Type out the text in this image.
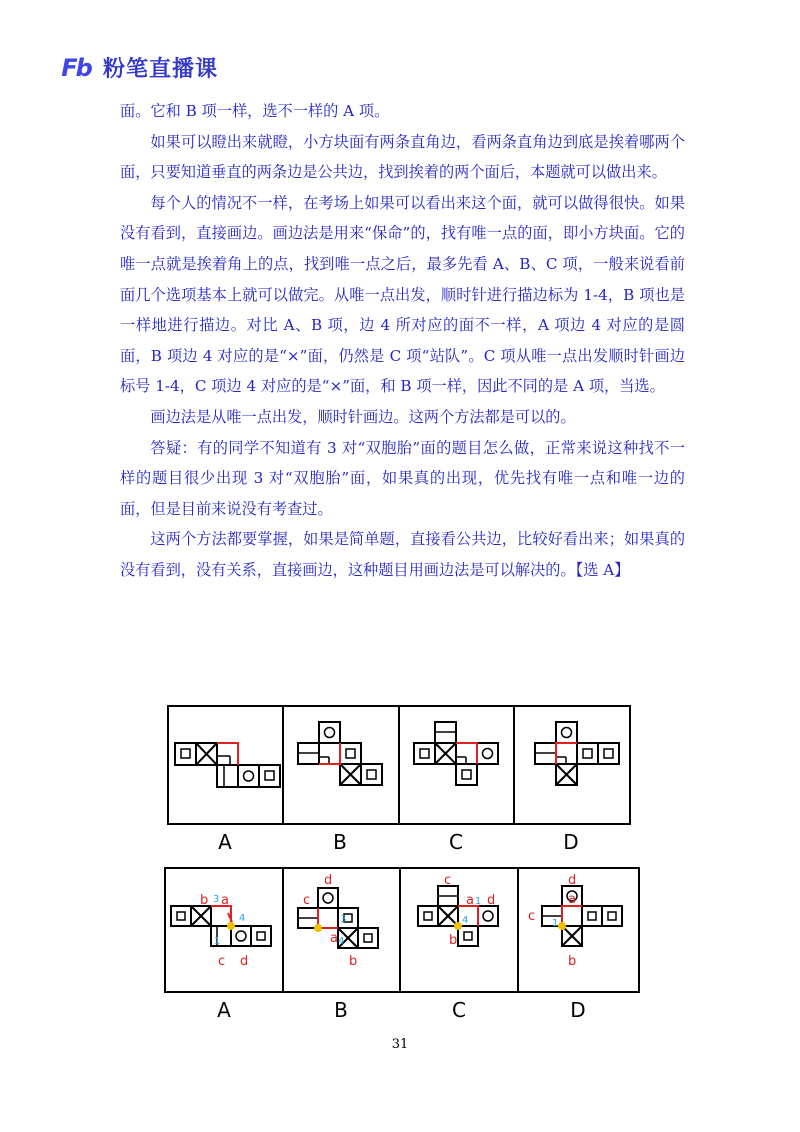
Fb 粉笔直播课

面。它和 B 项一样，选不一样的 A 项。

如果可以瞪出来就瞪，小方块面有两条直角边，看两条直角边到底是挨着哪两个面，只要知道垂直的两条边是公共边，找到挨着的两个面后，本题就可以做出来。

每个人的情况不一样，在考场上如果可以看出来这个面，就可以做得很快。如果没有看到，直接画边。画边法是用来“保命”的，找有唯一点的面，即小方块面。它的唯一点就是挨着角上的点，找到唯一点之后，最多先看 A、B、C 项，一般来说看前面几个选项基本上就可以做完。从唯一点出发，顺时针进行描边标为 1-4，B 项也是一样地进行描边。对比 A、B 项，边 4 所对应的面不一样，A 项边 4 对应的是圆面，B 项边 4 对应的是“×”面，仍然是 C 项“站队”。C 项从唯一点出发顺时针画边标号 1-4，C 项边 4 对应的是“×”面，和 B 项一样，因此不同的是 A 项，当选。

画边法是从唯一点出发，顺时针画边。这两个方法都是可以的。

答疑：有的同学不知道有 3 对“双胞胎”面的题目怎么做，正常来说这种找不一样的题目很少出现 3 对“双胞胎”面，如果真的出现，优先找有唯一点和唯一边的面，但是目前来说没有考查过。

这两个方法都要掌握，如果是简单题，直接看公共边，比较好看出来；如果真的没有看到，没有关系，直接画边，这种题目用画边法是可以解决的。【选 A】

A	B	C	D
b a
3
4
1
c d
d
c
3
a 4
b
c
a 1 d
b
4
d
c
a
1
b
A	B	C	D
31
